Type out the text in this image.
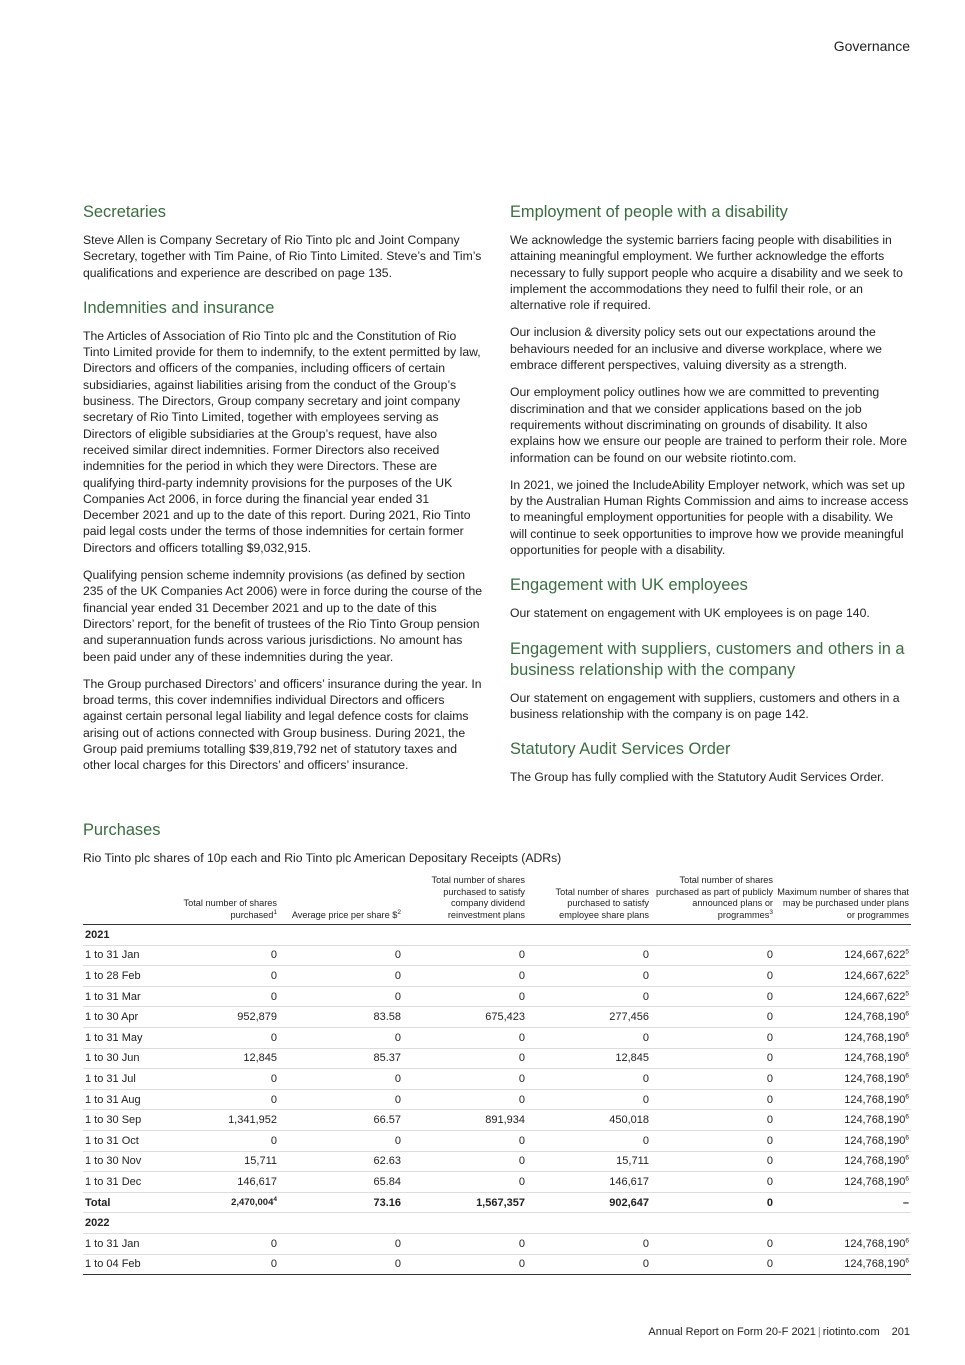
Governance
Secretaries

Steve Allen is Company Secretary of Rio Tinto plc and Joint Company Secretary, together with Tim Paine, of Rio Tinto Limited. Steve’s and Tim’s qualifications and experience are described on page 135.

Indemnities and insurance

The Articles of Association of Rio Tinto plc and the Constitution of Rio Tinto Limited provide for them to indemnify, to the extent permitted by law, Directors and officers of the companies, including officers of certain subsidiaries, against liabilities arising from the conduct of the Group’s business. The Directors, Group company secretary and joint company secretary of Rio Tinto Limited, together with employees serving as Directors of eligible subsidiaries at the Group’s request, have also received similar direct indemnities. Former Directors also received indemnities for the period in which they were Directors. These are qualifying third-party indemnity provisions for the purposes of the UK Companies Act 2006, in force during the financial year ended 31 December 2021 and up to the date of this report. During 2021, Rio Tinto paid legal costs under the terms of those indemnities for certain former Directors and officers totalling $9,032,915.

Qualifying pension scheme indemnity provisions (as defined by section 235 of the UK Companies Act 2006) were in force during the course of the financial year ended 31 December 2021 and up to the date of this Directors’ report, for the benefit of trustees of the Rio Tinto Group pension and superannuation funds across various jurisdictions. No amount has been paid under any of these indemnities during the year.

The Group purchased Directors’ and officers’ insurance during the year. In broad terms, this cover indemnifies individual Directors and officers against certain personal legal liability and legal defence costs for claims arising out of actions connected with Group business. During 2021, the Group paid premiums totalling $39,819,792 net of statutory taxes and other local charges for this Directors’ and officers’ insurance.

Employment of people with a disability

We acknowledge the systemic barriers facing people with disabilities in attaining meaningful employment. We further acknowledge the efforts necessary to fully support people who acquire a disability and we seek to implement the accommodations they need to fulfil their role, or an alternative role if required.

Our inclusion & diversity policy sets out our expectations around the behaviours needed for an inclusive and diverse workplace, where we embrace different perspectives, valuing diversity as a strength.

Our employment policy outlines how we are committed to preventing discrimination and that we consider applications based on the job requirements without discriminating on grounds of disability. It also explains how we ensure our people are trained to perform their role. More information can be found on our website riotinto.com.

In 2021, we joined the IncludeAbility Employer network, which was set up by the Australian Human Rights Commission and aims to increase access to meaningful employment opportunities for people with a disability. We will continue to seek opportunities to improve how we provide meaningful opportunities for people with a disability.

Engagement with UK employees

Our statement on engagement with UK employees is on page 140.

Engagement with suppliers, customers and others in a business relationship with the company

Our statement on engagement with suppliers, customers and others in a business relationship with the company is on page 142.

Statutory Audit Services Order

The Group has fully complied with the Statutory Audit Services Order.

Purchases
Rio Tinto plc shares of 10p each and Rio Tinto plc American Depositary Receipts (ADRs)
	Total number of shares purchased$^1$	Average price per share \$$^2$	Total number of shares purchased to satisfy company dividend reinvestment plans	Total number of shares purchased to satisfy employee share plans	Total number of shares purchased as part of publicly announced plans or programmes$^3$	Maximum number of shares that may be purchased under plans or programmes
2021						
1 to 31 Jan	0	0	0	0	0	124,667,622$^5$
1 to 28 Feb	0	0	0	0	0	124,667,622$^5$
1 to 31 Mar	0	0	0	0	0	124,667,622$^5$
1 to 30 Apr	952,879	83.58	675,423	277,456	0	124,768,190$^6$
1 to 31 May	0	0	0	0	0	124,768,190$^6$
1 to 30 Jun	12,845	85.37	0	12,845	0	124,768,190$^6$
1 to 31 Jul	0	0	0	0	0	124,768,190$^6$
1 to 31 Aug	0	0	0	0	0	124,768,190$^6$
1 to 30 Sep	1,341,952	66.57	891,934	450,018	0	124,768,190$^6$
1 to 31 Oct	0	0	0	0	0	124,768,190$^6$
1 to 30 Nov	15,711	62.63	0	15,711	0	124,768,190$^6$
1 to 31 Dec	146,617	65.84	0	146,617	0	124,768,190$^6$
Total	2,470,004$^4$	73.16	1,567,357	902,647	0	–
2022						
1 to 31 Jan	0	0	0	0	0	124,768,190$^6$
1 to 04 Feb	0	0	0	0	0	124,768,190$^6$
Annual Report on Form 20-F 2021 | riotinto.com 201
